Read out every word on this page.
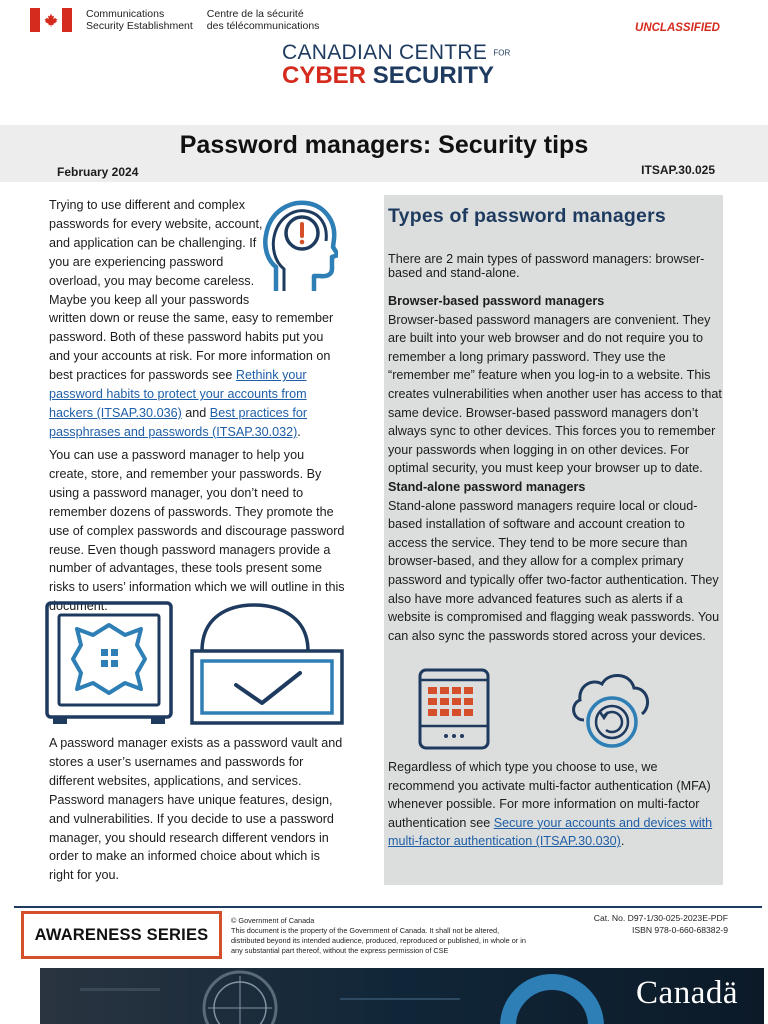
Communications
Security Establishment
Centre de la sécurité
des télécommunications	UNCLASSIFIED
CANADIAN CENTRE FOR
CYBER SECURITY
Password managers: Security tips
February 2024	ITSAP.30.025
Trying to use different and complex passwords for every website, account, and application can be challenging. If you are experiencing password overload, you may become careless. Maybe you keep all your passwords
written down or reuse the same, easy to remember password. Both of these password habits put you and your accounts at risk. For more information on best practices for passwords see Rethink your password habits to protect your accounts from hackers (ITSAP.30.036) and Best practices for passphrases and passwords (ITSAP.30.032).
You can use a password manager to help you create, store, and remember your passwords. By using a password manager, you don’t need to remember dozens of passwords. They promote the use of complex passwords and discourage password reuse. Even though password managers provide a number of advantages, these tools present some risks to users’ information which we will outline in this document.
A password manager exists as a password vault and stores a user’s usernames and passwords for different websites, applications, and services. Password managers have unique features, design, and vulnerabilities. If you decide to use a password manager, you should research different vendors in order to make an informed choice about which is right for you.
Types of password managers
There are 2 main types of password managers: browser-based and stand-alone.
Browser-based password managers
Browser-based password managers are convenient. They are built into your web browser and do not require you to remember a long primary password. They use the “remember me” feature when you log-in to a website. This creates vulnerabilities when another user has access to that same device. Browser-based password managers don’t always sync to other devices. This forces you to remember your passwords when logging in on other devices. For optimal security, you must keep your browser up to date.
Stand-alone password managers
Stand-alone password managers require local or cloud-based installation of software and account creation to access the service. They tend to be more secure than browser-based, and they allow for a complex primary password and typically offer two-factor authentication. They also have more advanced features such as alerts if a website is compromised and flagging weak passwords. You can also sync the passwords stored across your devices.
Regardless of which type you choose to use, we recommend you activate multi-factor authentication (MFA) whenever possible. For more information on multi-factor authentication see Secure your accounts and devices with multi-factor authentication (ITSAP.30.030).
AWARENESS SERIES
© Government of Canada
This document is the property of the Government of Canada. It shall not be altered, distributed beyond its intended audience, produced, reproduced or published, in whole or in any substantial part thereof, without the express permission of CSE
Cat. No. D97-1/30-025-2023E-PDF
ISBN 978-0-660-68382-9
Canadä
